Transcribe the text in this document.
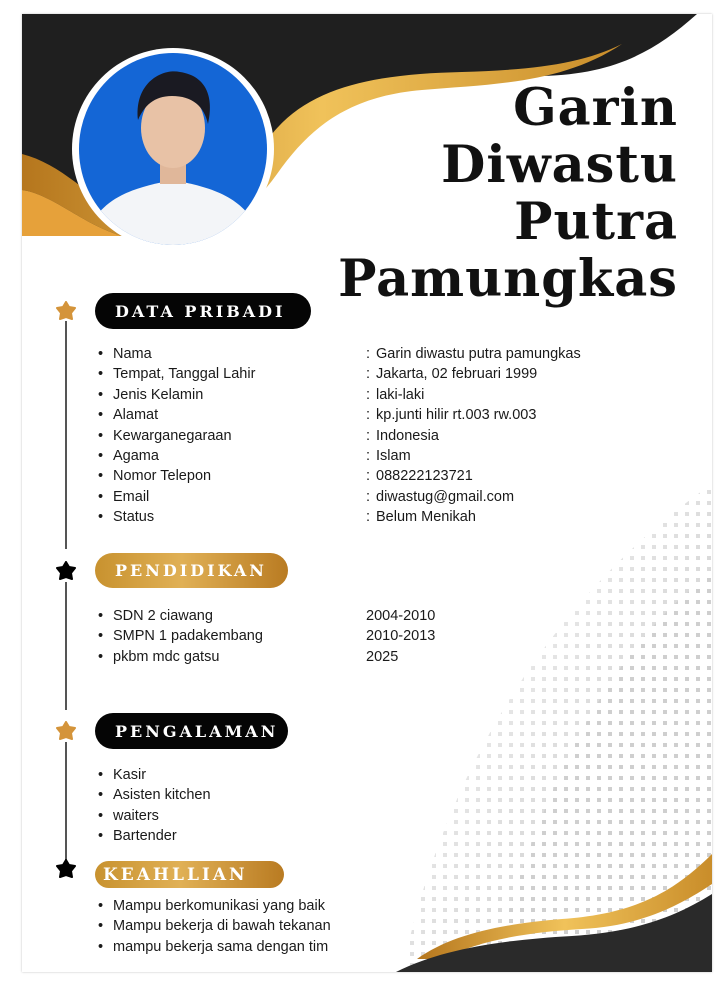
Garin
Diwastu
Putra
Pamungkas
DATA PRIBADI
• Nama	: Garin diwastu putra pamungkas
• Tempat, Tanggal Lahir	: Jakarta, 02 februari 1999
• Jenis Kelamin	: laki-laki
• Alamat	: kp.junti hilir rt.003 rw.003
• Kewarganegaraan	: Indonesia
• Agama	: Islam
• Nomor Telepon	: 088222123721
• Email	: diwastug@gmail.com
• Status	: Belum Menikah
PENDIDIKAN
• SDN 2 ciawang	2004-2010
• SMPN 1 padakembang	2010-2013
• pkbm mdc gatsu	2025
PENGALAMAN
• Kasir
• Asisten kitchen
• waiters
• Bartender
KEAHLLIAN
• Mampu berkomunikasi yang baik
• Mampu bekerja di bawah tekanan
• mampu bekerja sama dengan tim
